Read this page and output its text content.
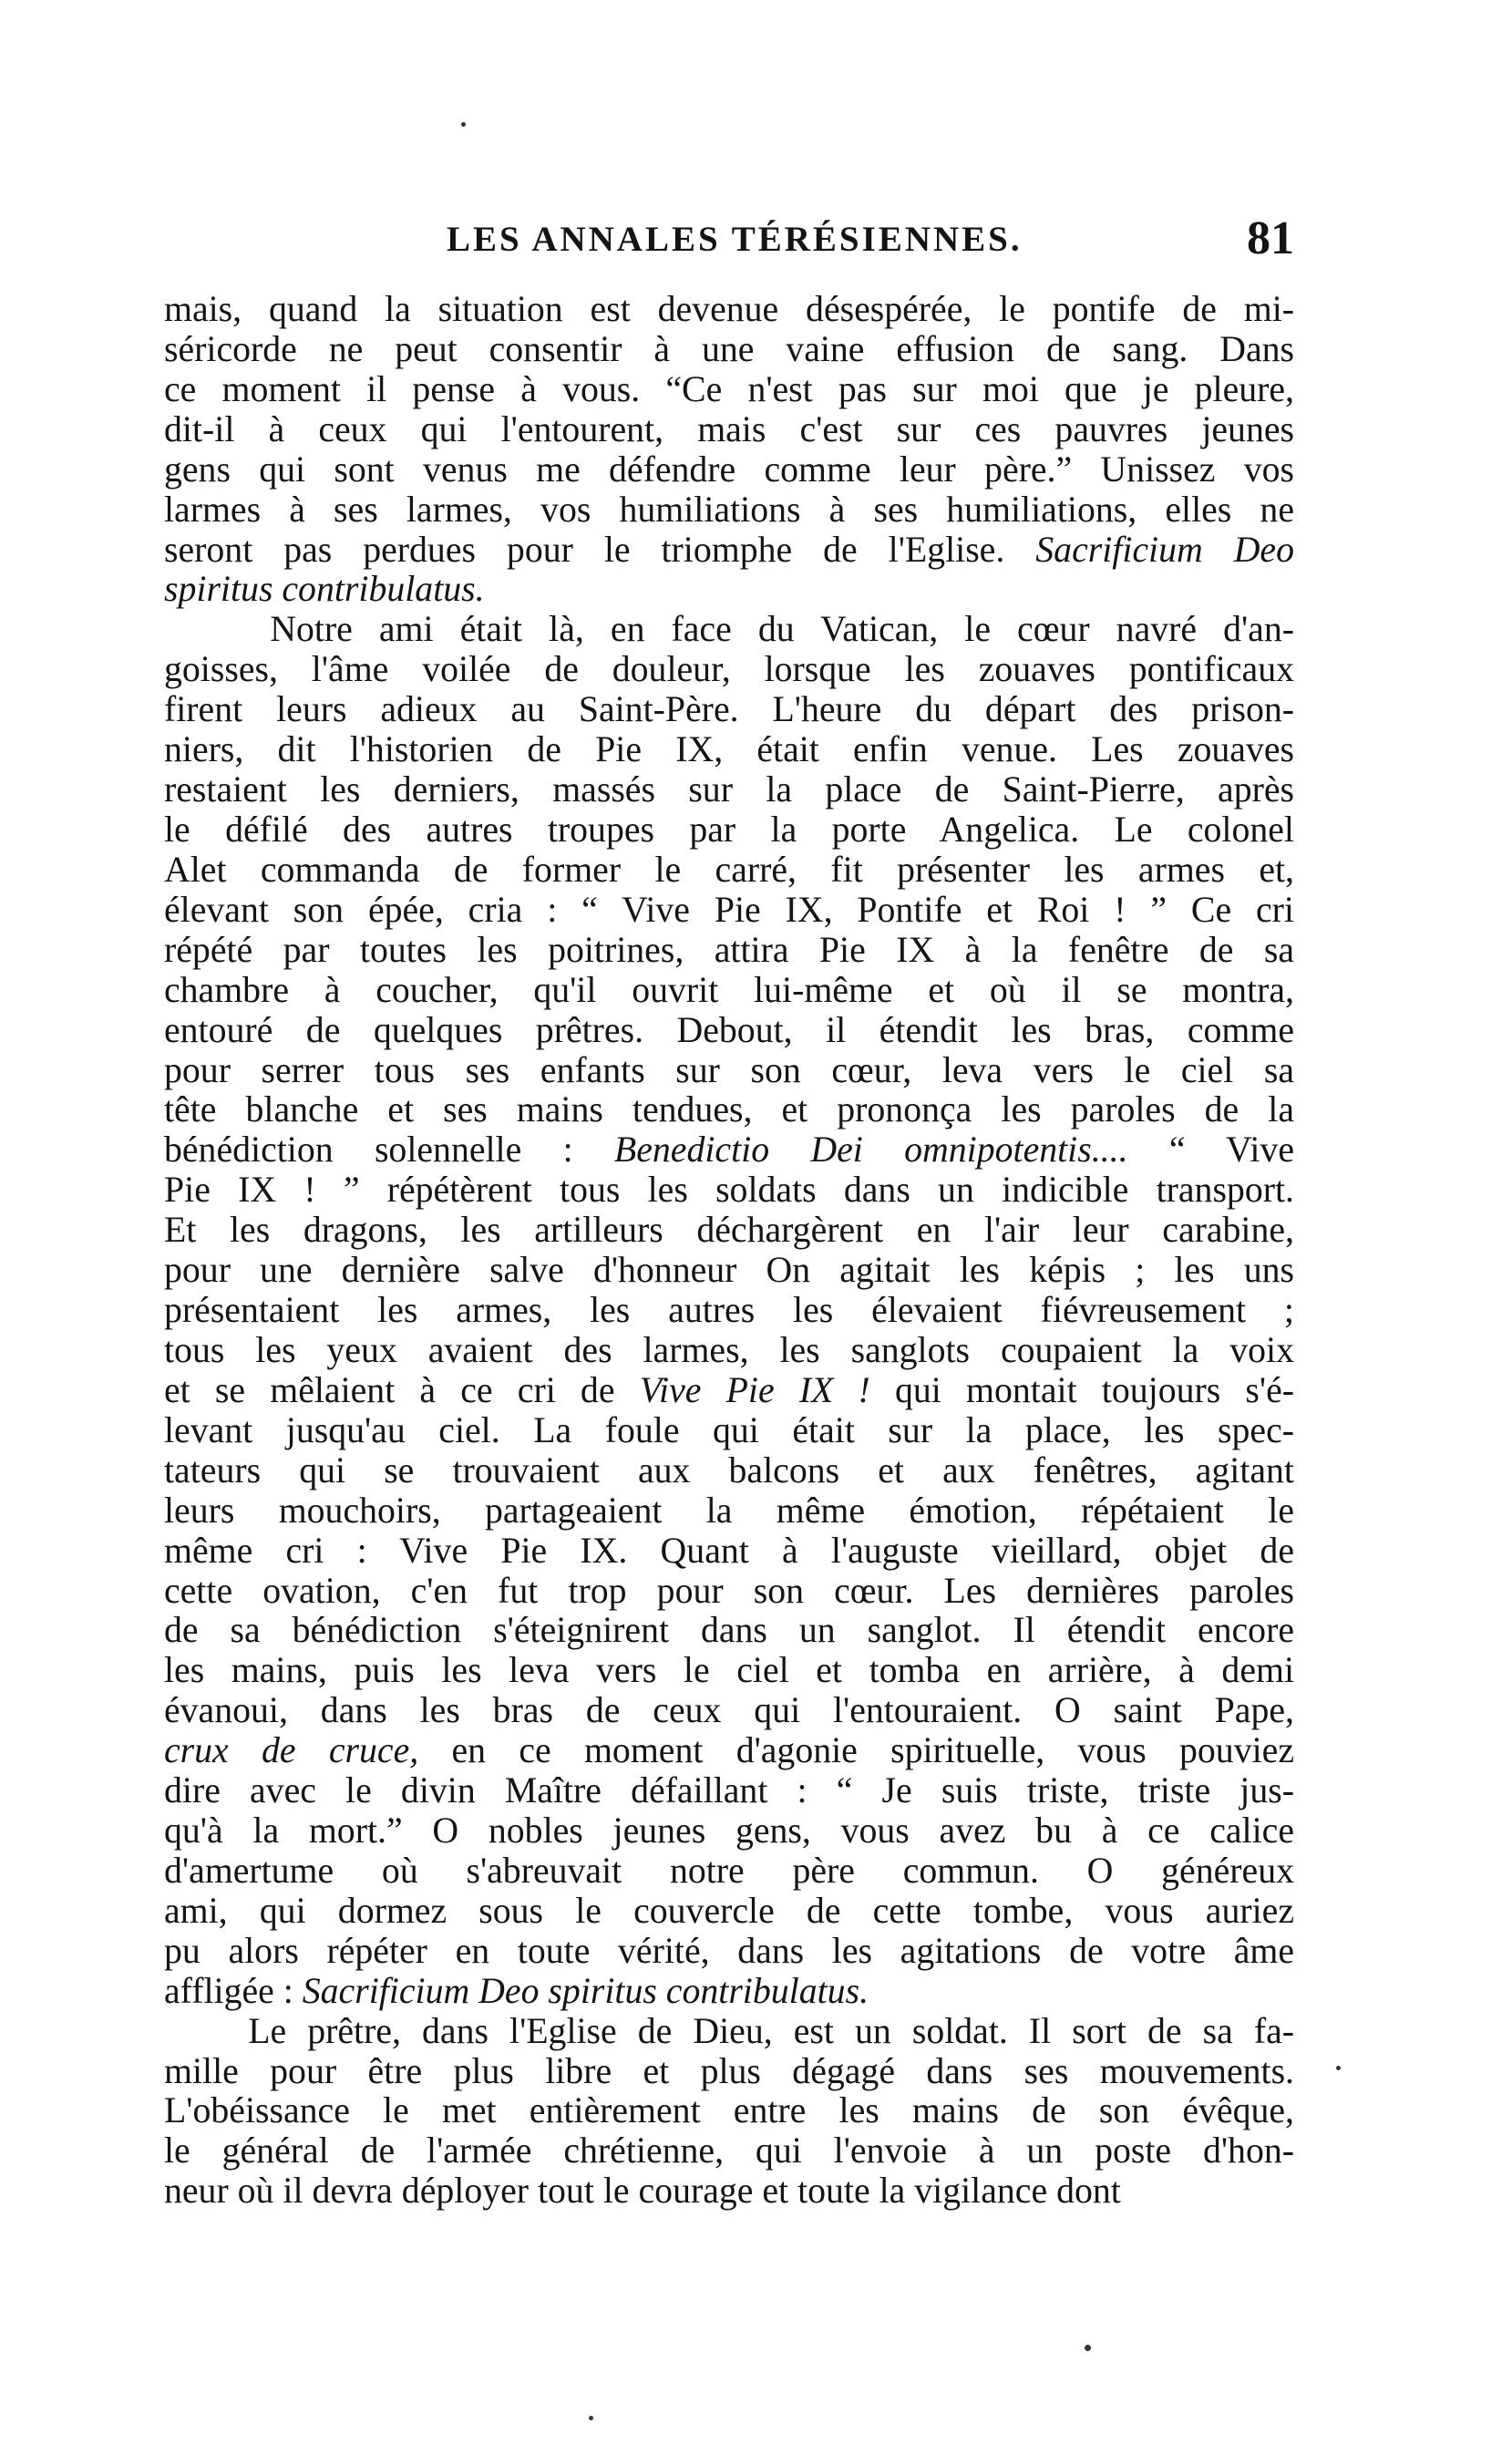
LES ANNALES TÉRÉSIENNES.	81
mais, quand la situation est devenue désespérée, le pontife de mi-
séricorde ne peut consentir à une vaine effusion de sang. Dans
ce moment il pense à vous. “Ce n'est pas sur moi que je pleure,
dit-il à ceux qui l'entourent, mais c'est sur ces pauvres jeunes
gens qui sont venus me défendre comme leur père.” Unissez vos
larmes à ses larmes, vos humiliations à ses humiliations, elles ne
seront pas perdues pour le triomphe de l'Eglise. Sacrificium Deo
spiritus contribulatus.
Notre ami était là, en face du Vatican, le cœur navré d'an-
goisses, l'âme voilée de douleur, lorsque les zouaves pontificaux
firent leurs adieux au Saint-Père. L'heure du départ des prison-
niers, dit l'historien de Pie IX, était enfin venue. Les zouaves
restaient les derniers, massés sur la place de Saint-Pierre, après
le défilé des autres troupes par la porte Angelica. Le colonel
Alet commanda de former le carré, fit présenter les armes et,
élevant son épée, cria : “ Vive Pie IX, Pontife et Roi ! ” Ce cri
répété par toutes les poitrines, attira Pie IX à la fenêtre de sa
chambre à coucher, qu'il ouvrit lui-même et où il se montra,
entouré de quelques prêtres. Debout, il étendit les bras, comme
pour serrer tous ses enfants sur son cœur, leva vers le ciel sa
tête blanche et ses mains tendues, et prononça les paroles de la
bénédiction solennelle : Benedictio Dei omnipotentis.... “ Vive
Pie IX ! ” répétèrent tous les soldats dans un indicible transport.
Et les dragons, les artilleurs déchargèrent en l'air leur carabine,
pour une dernière salve d'honneur On agitait les képis ; les uns
présentaient les armes, les autres les élevaient fiévreusement ;
tous les yeux avaient des larmes, les sanglots coupaient la voix
et se mêlaient à ce cri de Vive Pie IX ! qui montait toujours s'é-
levant jusqu'au ciel. La foule qui était sur la place, les spec-
tateurs qui se trouvaient aux balcons et aux fenêtres, agitant
leurs mouchoirs, partageaient la même émotion, répétaient le
même cri : Vive Pie IX. Quant à l'auguste vieillard, objet de
cette ovation, c'en fut trop pour son cœur. Les dernières paroles
de sa bénédiction s'éteignirent dans un sanglot. Il étendit encore
les mains, puis les leva vers le ciel et tomba en arrière, à demi
évanoui, dans les bras de ceux qui l'entouraient. O saint Pape,
crux de cruce, en ce moment d'agonie spirituelle, vous pouviez
dire avec le divin Maître défaillant : “ Je suis triste, triste jus-
qu'à la mort.” O nobles jeunes gens, vous avez bu à ce calice
d'amertume où s'abreuvait notre père commun. O généreux
ami, qui dormez sous le couvercle de cette tombe, vous auriez
pu alors répéter en toute vérité, dans les agitations de votre âme
affligée : Sacrificium Deo spiritus contribulatus.
Le prêtre, dans l'Eglise de Dieu, est un soldat. Il sort de sa fa-
mille pour être plus libre et plus dégagé dans ses mouvements.
L'obéissance le met entièrement entre les mains de son évêque,
le général de l'armée chrétienne, qui l'envoie à un poste d'hon-
neur où il devra déployer tout le courage et toute la vigilance dont
